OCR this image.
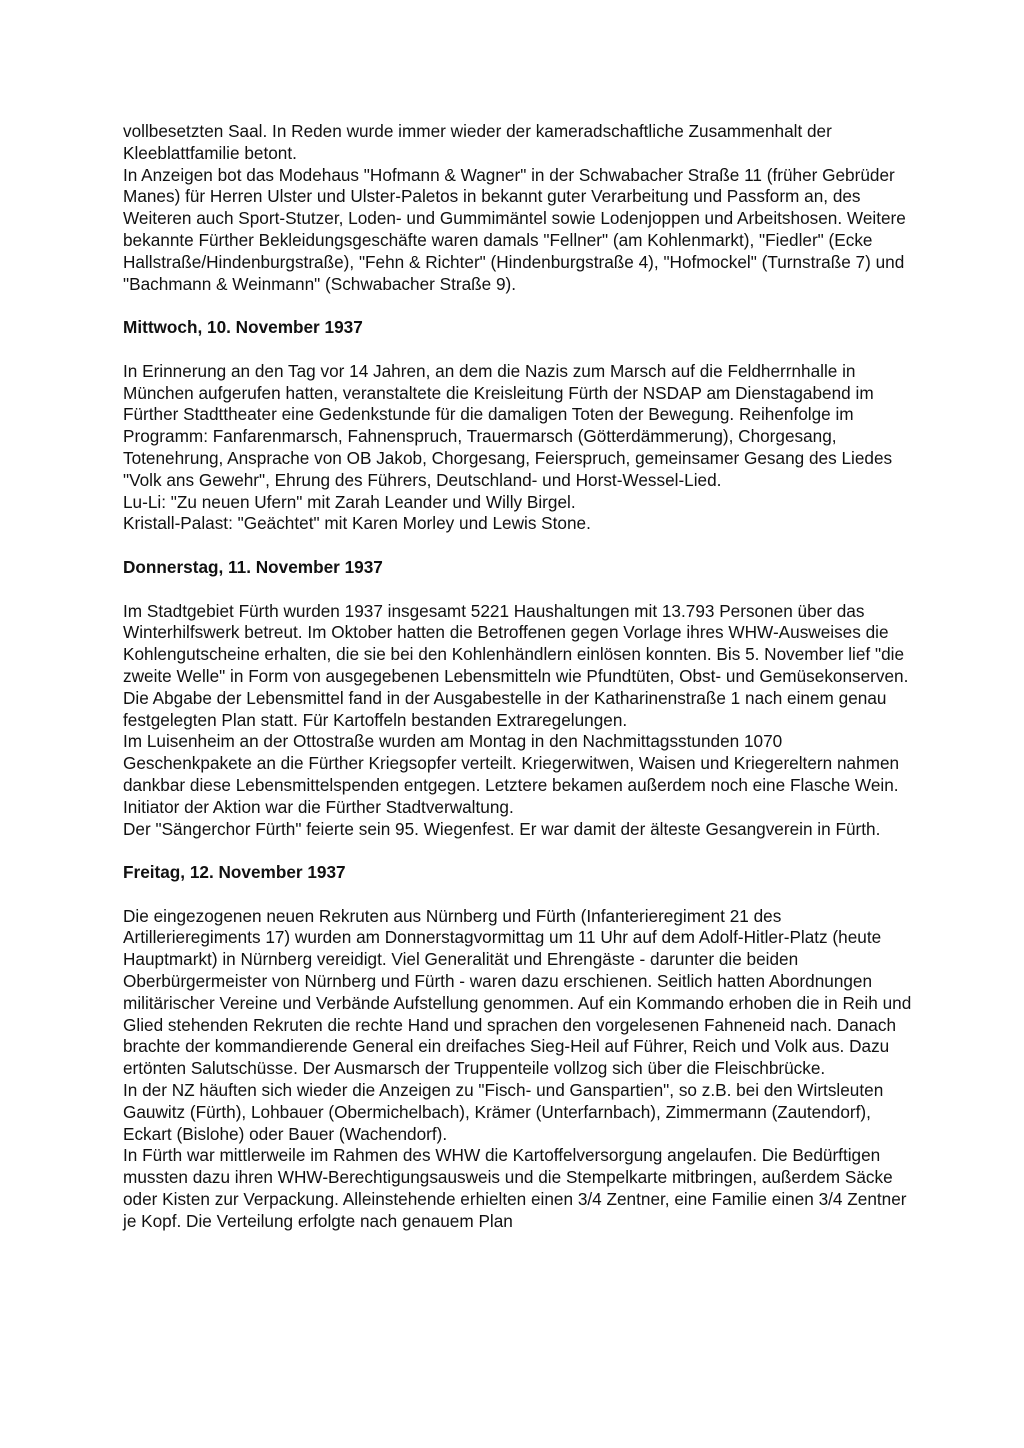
vollbesetzten Saal. In Reden wurde immer wieder der kameradschaftliche Zusammenhalt der Kleeblattfamilie betont.

In Anzeigen bot das Modehaus "Hofmann & Wagner" in der Schwabacher Straße 11 (früher Gebrüder Manes) für Herren Ulster und Ulster-Paletos in bekannt guter Verarbeitung und Passform an, des Weiteren auch Sport-Stutzer, Loden- und Gummimäntel sowie Lodenjoppen und Arbeitshosen. Weitere bekannte Fürther Bekleidungsgeschäfte waren damals "Fellner" (am Kohlenmarkt), "Fiedler" (Ecke Hallstraße/Hindenburgstraße), "Fehn & Richter" (Hindenburgstraße 4), "Hofmockel" (Turnstraße 7) und "Bachmann & Weinmann" (Schwabacher Straße 9).

Mittwoch, 10. November 1937

In Erinnerung an den Tag vor 14 Jahren, an dem die Nazis zum Marsch auf die Feldherrnhalle in München aufgerufen hatten, veranstaltete die Kreisleitung Fürth der NSDAP am Dienstagabend im Fürther Stadttheater eine Gedenkstunde für die damaligen Toten der Bewegung. Reihenfolge im Programm: Fanfarenmarsch, Fahnenspruch, Trauermarsch (Götterdämmerung), Chorgesang, Totenehrung, Ansprache von OB Jakob, Chorgesang, Feierspruch, gemeinsamer Gesang des Liedes "Volk ans Gewehr", Ehrung des Führers, Deutschland- und Horst-Wessel-Lied.

Lu-Li: "Zu neuen Ufern" mit Zarah Leander und Willy Birgel.

Kristall-Palast: "Geächtet" mit Karen Morley und Lewis Stone.

Donnerstag, 11. November 1937

Im Stadtgebiet Fürth wurden 1937 insgesamt 5221 Haushaltungen mit 13.793 Personen über das Winterhilfswerk betreut. Im Oktober hatten die Betroffenen gegen Vorlage ihres WHW-Ausweises die Kohlengutscheine erhalten, die sie bei den Kohlenhändlern einlösen konnten. Bis 5. November lief "die zweite Welle" in Form von ausgegebenen Lebensmitteln wie Pfundtüten, Obst- und Gemüsekonserven. Die Abgabe der Lebensmittel fand in der Ausgabestelle in der Katharinenstraße 1 nach einem genau festgelegten Plan statt. Für Kartoffeln bestanden Extraregelungen.

Im Luisenheim an der Ottostraße wurden am Montag in den Nachmittagsstunden 1070 Geschenkpakete an die Fürther Kriegsopfer verteilt. Kriegerwitwen, Waisen und Kriegereltern nahmen dankbar diese Lebensmittelspenden entgegen. Letztere bekamen außerdem noch eine Flasche Wein. Initiator der Aktion war die Fürther Stadtverwaltung.

Der "Sängerchor Fürth" feierte sein 95. Wiegenfest. Er war damit der älteste Gesangverein in Fürth.

Freitag, 12. November 1937

Die eingezogenen neuen Rekruten aus Nürnberg und Fürth (Infanterieregiment 21 des Artillerieregiments 17) wurden am Donnerstagvormittag um 11 Uhr auf dem Adolf-Hitler-Platz (heute Hauptmarkt) in Nürnberg vereidigt. Viel Generalität und Ehrengäste - darunter die beiden Oberbürgermeister von Nürnberg und Fürth - waren dazu erschienen. Seitlich hatten Abordnungen militärischer Vereine und Verbände Aufstellung genommen. Auf ein Kommando erhoben die in Reih und Glied stehenden Rekruten die rechte Hand und sprachen den vorgelesenen Fahneneid nach. Danach brachte der kommandierende General ein dreifaches Sieg-Heil auf Führer, Reich und Volk aus. Dazu ertönten Salutschüsse. Der Ausmarsch der Truppenteile vollzog sich über die Fleischbrücke.

In der NZ häuften sich wieder die Anzeigen zu "Fisch- und Ganspartien", so z.B. bei den Wirtsleuten Gauwitz (Fürth), Lohbauer (Obermichelbach), Krämer (Unterfarnbach), Zimmermann (Zautendorf), Eckart (Bislohe) oder Bauer (Wachendorf).

In Fürth war mittlerweile im Rahmen des WHW die Kartoffelversorgung angelaufen. Die Bedürftigen mussten dazu ihren WHW-Berechtigungsausweis und die Stempelkarte mitbringen, außerdem Säcke oder Kisten zur Verpackung. Alleinstehende erhielten einen 3/4 Zentner, eine Familie einen 3/4 Zentner je Kopf. Die Verteilung erfolgte nach genauem Plan
